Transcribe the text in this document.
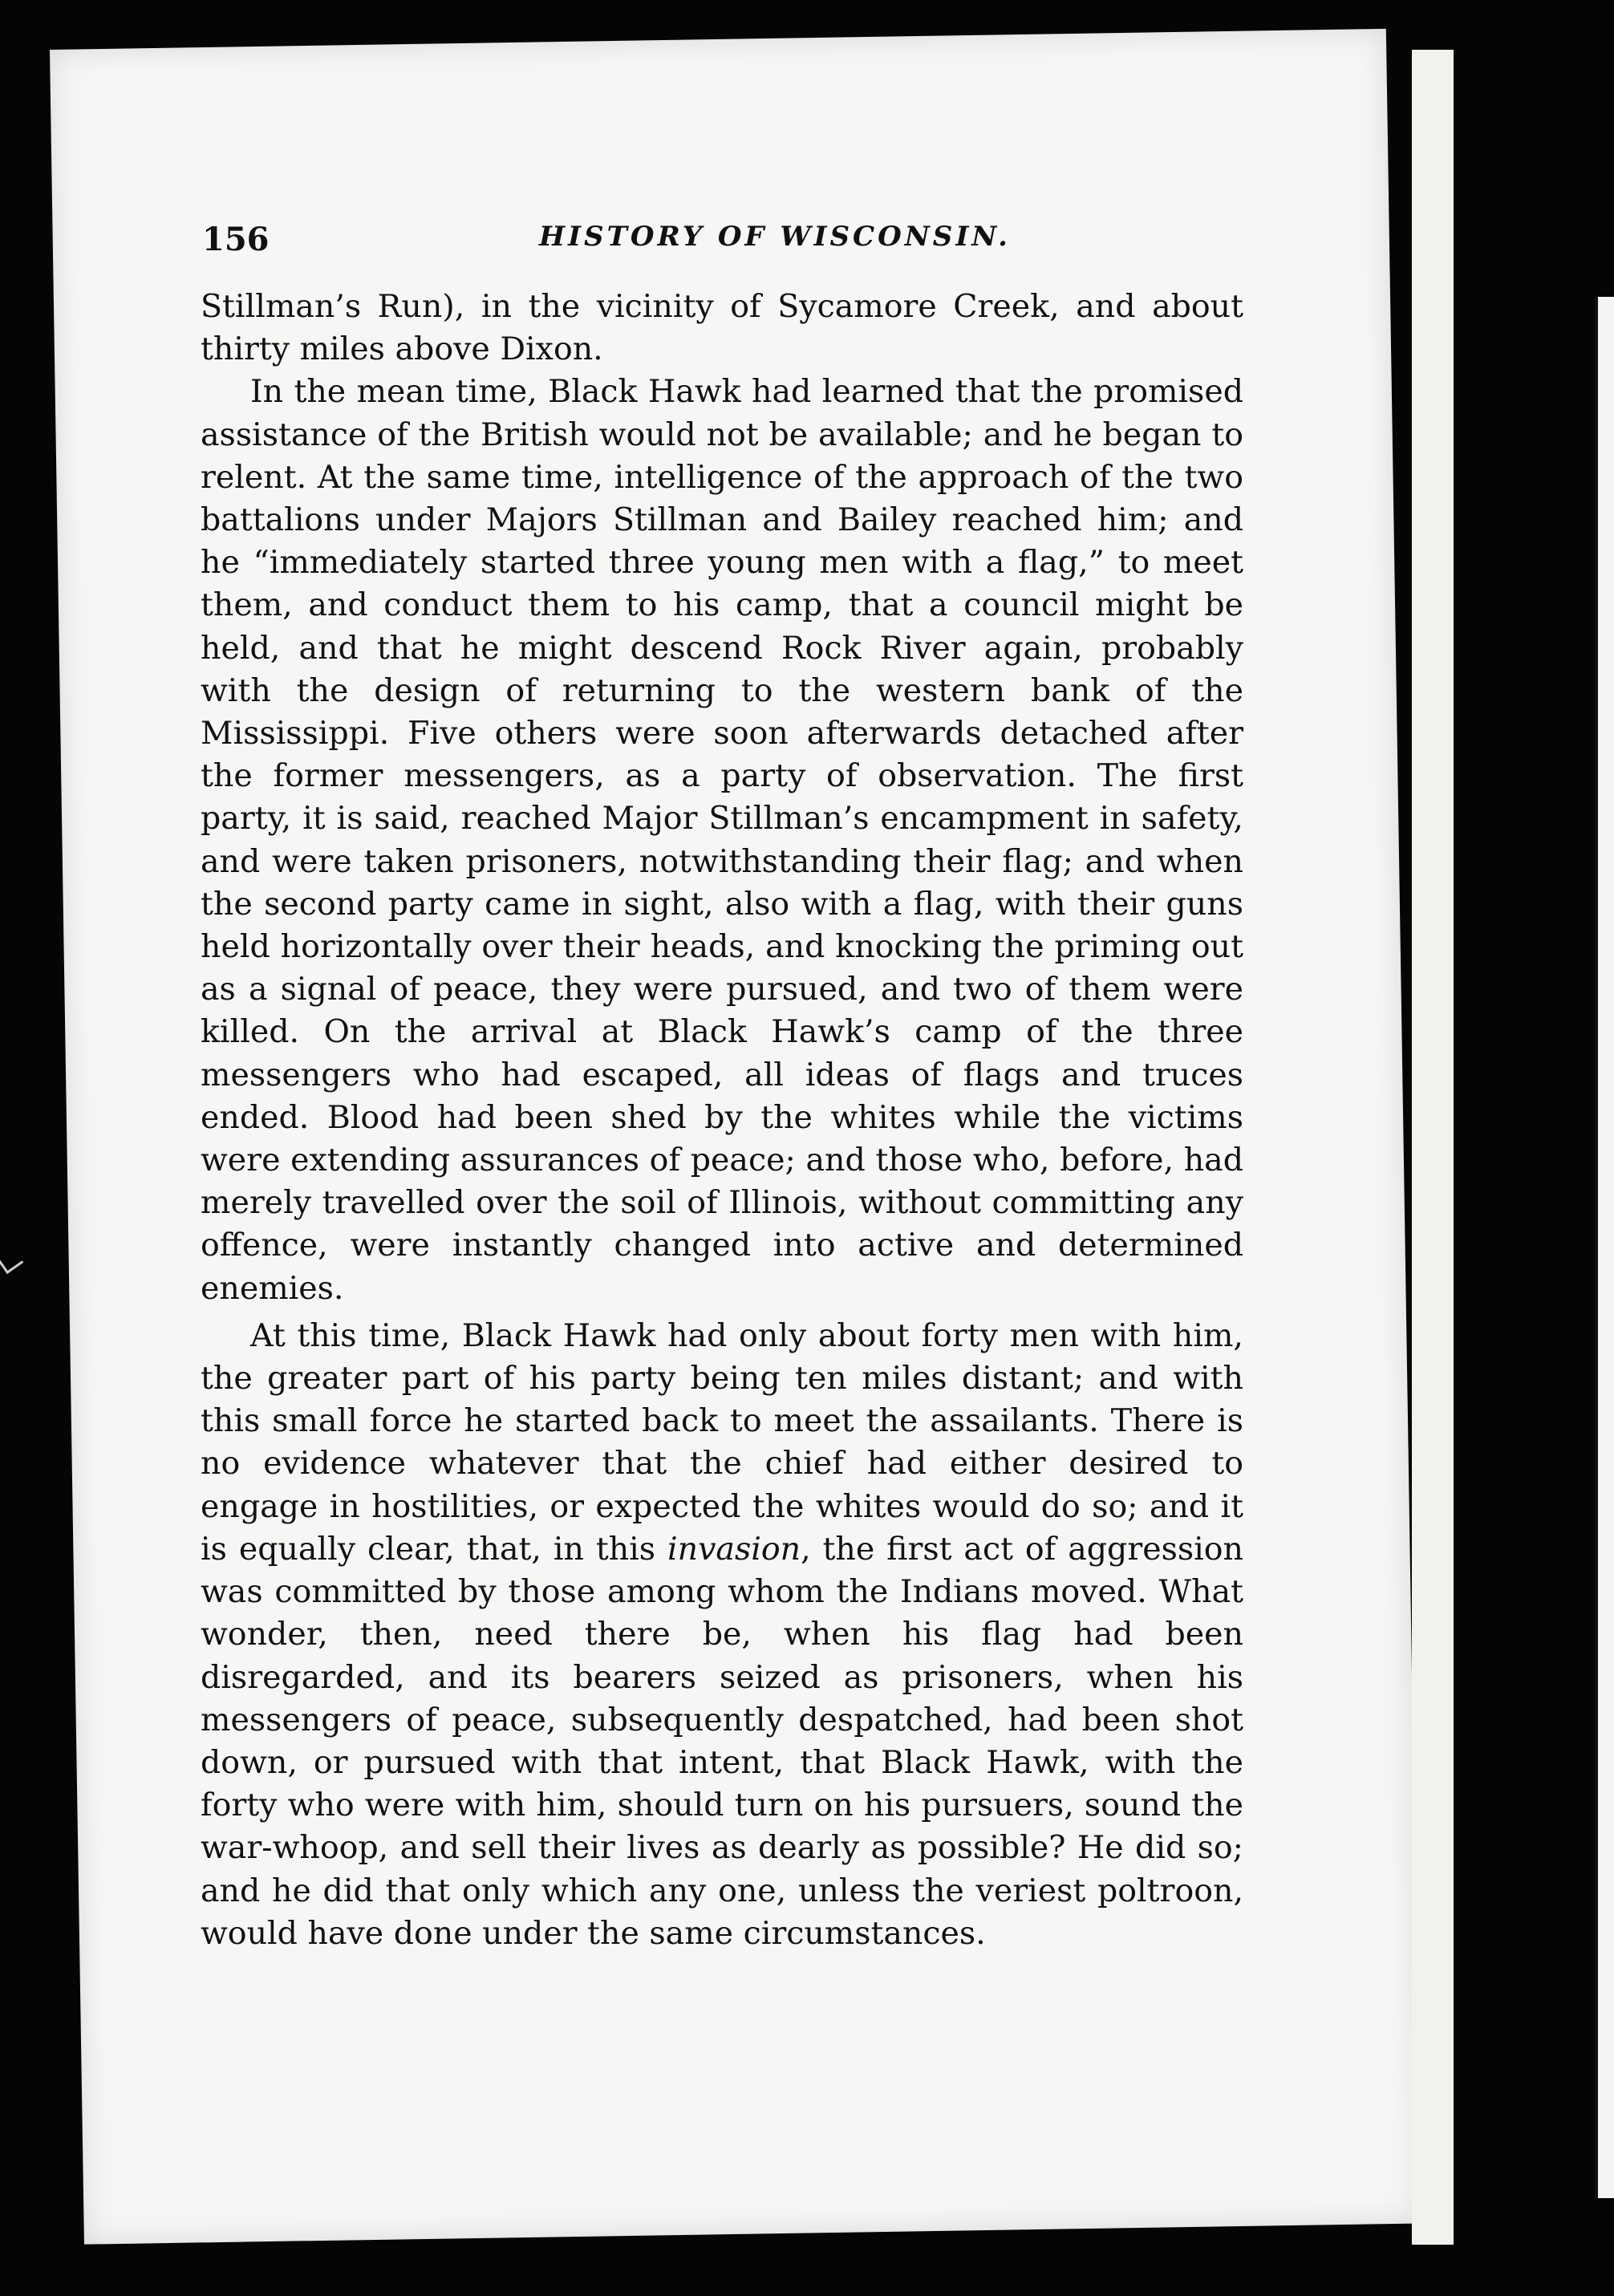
156	HISTORY OF WISCONSIN.

Stillman’s Run), in the vicinity of Sycamore Creek, and about thirty miles above Dixon.

In the mean time, Black Hawk had learned that the promised assistance of the British would not be available; and he began to relent. At the same time, intelligence of the approach of the two battalions under Majors Stillman and Bailey reached him; and he “immediately started three young men with a flag,” to meet them, and conduct them to his camp, that a council might be held, and that he might descend Rock River again, probably with the design of returning to the western bank of the Mississippi. Five others were soon afterwards detached after the former messengers, as a party of observation. The first party, it is said, reached Major Stillman’s encampment in safety, and were taken prisoners, notwithstanding their flag; and when the second party came in sight, also with a flag, with their guns held horizontally over their heads, and knocking the priming out as a signal of peace, they were pursued, and two of them were killed. On the arrival at Black Hawk’s camp of the three messengers who had escaped, all ideas of flags and truces ended. Blood had been shed by the whites while the victims were extending assurances of peace; and those who, before, had merely travelled over the soil of Illinois, without committing any offence, were instantly changed into active and determined enemies.

At this time, Black Hawk had only about forty men with him, the greater part of his party being ten miles distant; and with this small force he started back to meet the assailants. There is no evidence whatever that the chief had either desired to engage in hostilities, or expected the whites would do so; and it is equally clear, that, in this invasion, the first act of aggression was committed by those among whom the Indians moved. What wonder, then, need there be, when his flag had been disregarded, and its bearers seized as prisoners, when his messengers of peace, subsequently despatched, had been shot down, or pursued with that intent, that Black Hawk, with the forty who were with him, should turn on his pursuers, sound the war-whoop, and sell their lives as dearly as possible? He did so; and he did that only which any one, unless the veriest poltroon, would have done under the same circumstances.
